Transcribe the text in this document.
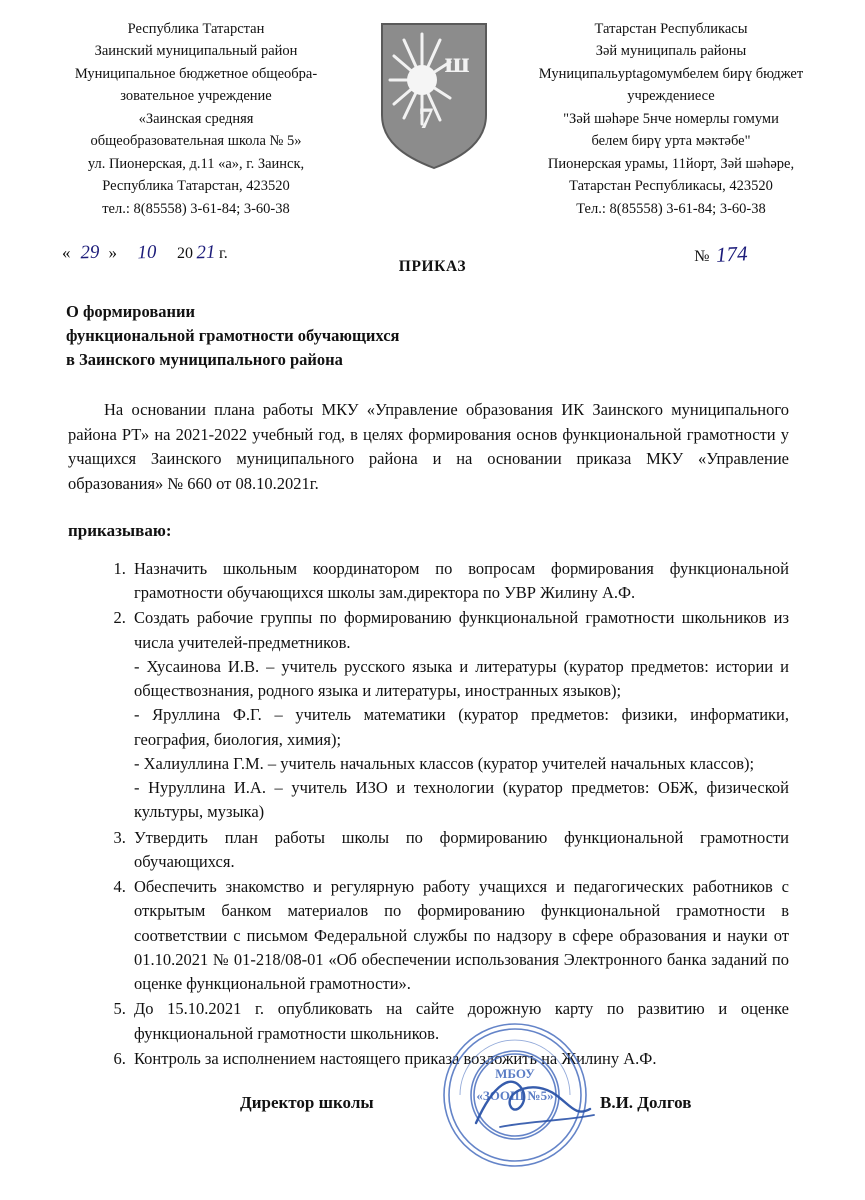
Республика Татарстан
Заинский муниципальный район
Муниципальное бюджетное общеобра-
зовательное учреждение
«Заинская средняя
общеобразовательная школа № 5»
ул. Пионерская, д.11 «а», г. Заинск,
Республика Татарстан, 423520
тел.: 8(85558) 3-61-84; 3-60-38
ш
7
Татарстан Республикасы
Зәй муниципаль районы
Муниципальурtagомумбелем бирү бюджет
учреждениесе
"Зәй шәһәре 5нче номерлы гомуми
белем бирү урта мәктәбе"
Пионерская урамы, 11йорт, Зәй шәһәре,
Татарстан Республикасы, 423520
Тел.: 8(85558) 3-61-84; 3-60-38
« 29 » 10 20 21 г.
ПРИКАЗ
№ 174
О формировании
функциональной грамотности обучающихся
в Заинского муниципального района
На основании плана работы МКУ «Управление образования ИК Заинского муниципального района РТ» на 2021-2022 учебный год, в целях формирования основ функциональной грамотности у учащихся Заинского муниципального района и на основании приказа МКУ «Управление образования» № 660 от 08.10.2021г.
приказываю:
1. Назначить школьным координатором по вопросам формирования функциональной грамотности обучающихся школы зам.директора по УВР Жилину А.Ф.
2. Создать рабочие группы по формированию функциональной грамотности школьников из числа учителей-предметников.
- Хусаинова И.В. – учитель русского языка и литературы (куратор предметов: истории и обществознания, родного языка и литературы, иностранных языков);
- Яруллина Ф.Г. – учитель математики (куратор предметов: физики, информатики, география, биология, химия);
- Халиуллина Г.М. – учитель начальных классов (куратор учителей начальных классов);
- Нуруллина И.А. – учитель ИЗО и технологии (куратор предметов: ОБЖ, физической культуры, музыка)
3. Утвердить план работы школы по формированию функциональной грамотности обучающихся.
4. Обеспечить знакомство и регулярную работу учащихся и педагогических работников с открытым банком материалов по формированию функциональной грамотности в соответствии с письмом Федеральной службы по надзору в сфере образования и науки от 01.10.2021 № 01-218/08-01 «Об обеспечении использования Электронного банка заданий по оценке функциональной грамотности».
5. До 15.10.2021 г. опубликовать на сайте дорожную карту по развитию и оценке функциональной грамотности школьников.
6. Контроль за исполнением настоящего приказа возложить на Жилину А.Ф.
Директор школы	В.И. Долгов
МБОУ
«ЗООШ №5»
